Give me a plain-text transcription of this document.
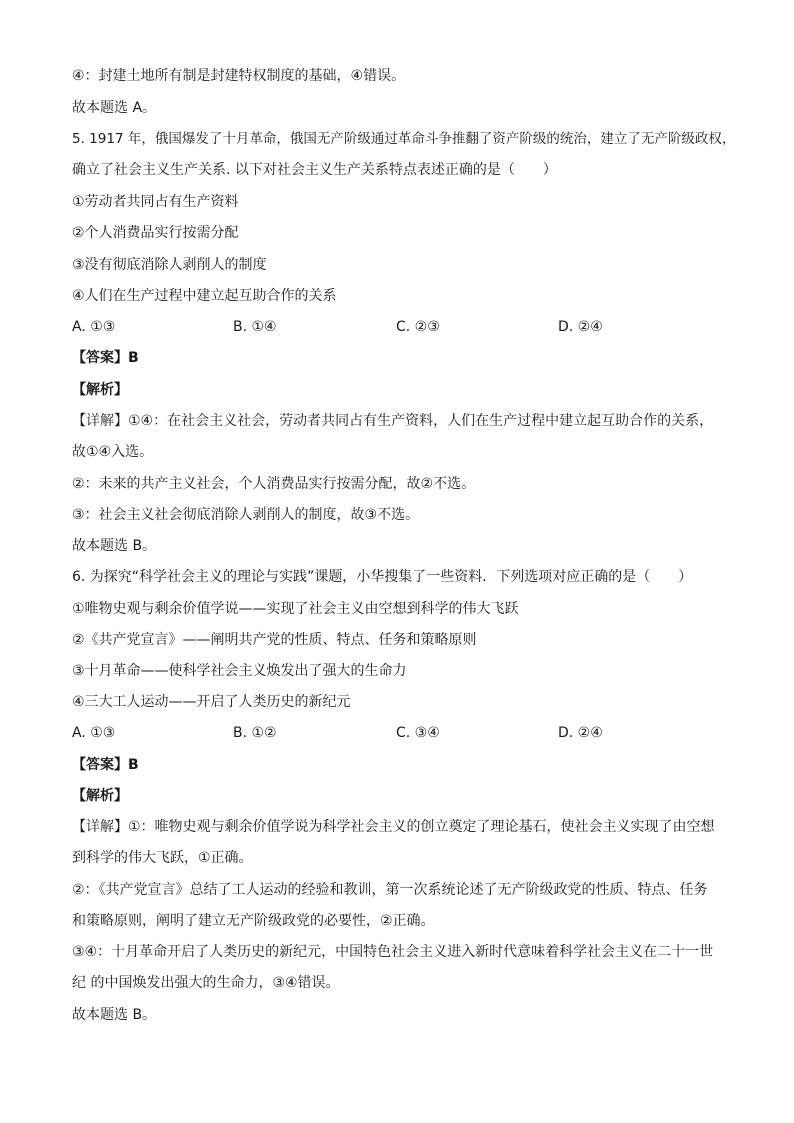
④：封建土地所有制是封建特权制度的基础，④错误。
故本题选 A。
5. 1917 年，俄国爆发了十月革命，俄国无产阶级通过革命斗争推翻了资产阶级的统治，建立了无产阶级政权，
确立了社会主义生产关系. 以下对社会主义生产关系特点表述正确的是（　　）
①劳动者共同占有生产资料
②个人消费品实行按需分配
③没有彻底消除人剥削人的制度
④人们在生产过程中建立起互助合作的关系
A. ①③	B. ①④	C. ②③	D. ②④
【答案】B
【解析】
【详解】①④：在社会主义社会，劳动者共同占有生产资料，人们在生产过程中建立起互助合作的关系，
故①④入选。
②：未来的共产主义社会，个人消费品实行按需分配，故②不选。
③：社会主义社会彻底消除人剥削人的制度，故③不选。
故本题选 B。
6. 为探究“科学社会主义的理论与实践”课题，小华搜集了一些资料．下列选项对应正确的是（　　）
①唯物史观与剩余价值学说——实现了社会主义由空想到科学的伟大飞跃
②《共产党宣言》——阐明共产党的性质、特点、任务和策略原则
③十月革命——使科学社会主义焕发出了强大的生命力
④三大工人运动——开启了人类历史的新纪元
A. ①③	B. ①②	C. ③④	D. ②④
【答案】B
【解析】
【详解】①：唯物史观与剩余价值学说为科学社会主义的创立奠定了理论基石，使社会主义实现了由空想
到科学的伟大飞跃，①正确。
②：《共产党宣言》总结了工人运动的经验和教训，第一次系统论述了无产阶级政党的性质、特点、任务
和策略原则，阐明了建立无产阶级政党的必要性，②正确。
③④：十月革命开启了人类历史的新纪元，中国特色社会主义进入新时代意味着科学社会主义在二十一世
纪 的中国焕发出强大的生命力，③④错误。
故本题选 B。
